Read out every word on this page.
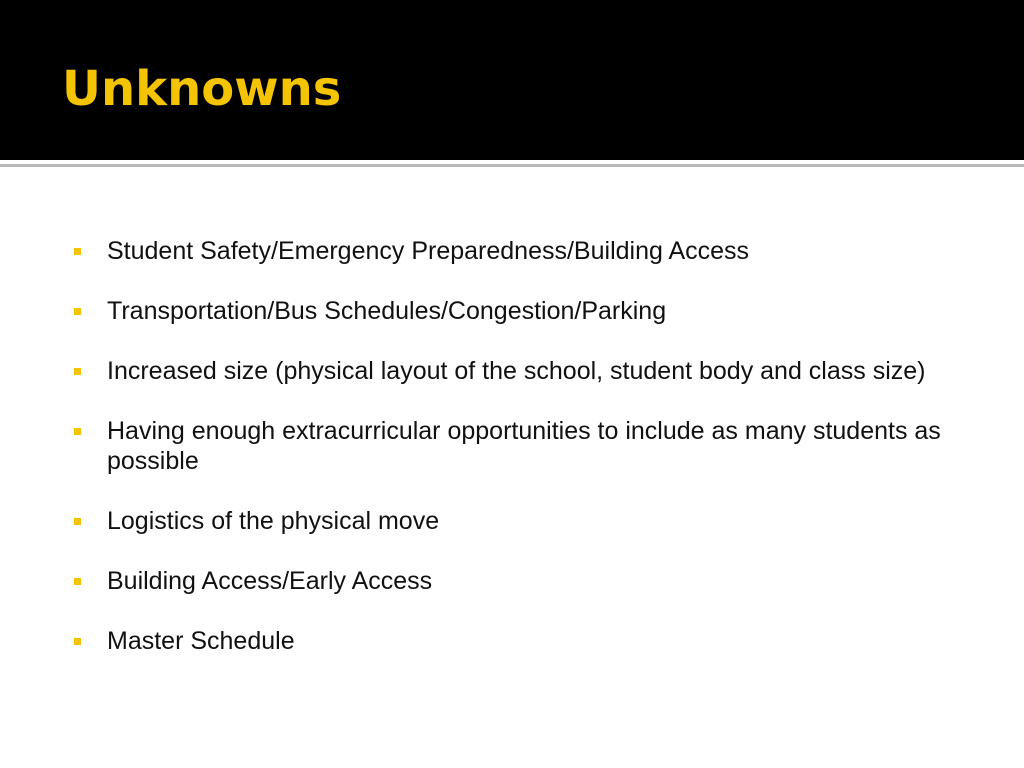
Unknowns
Student Safety/Emergency Preparedness/Building Access
Transportation/Bus Schedules/Congestion/Parking
Increased size (physical layout of the school, student body and class size)
Having enough extracurricular opportunities to include as many students as possible
Logistics of the physical move
Building Access/Early Access
Master Schedule
